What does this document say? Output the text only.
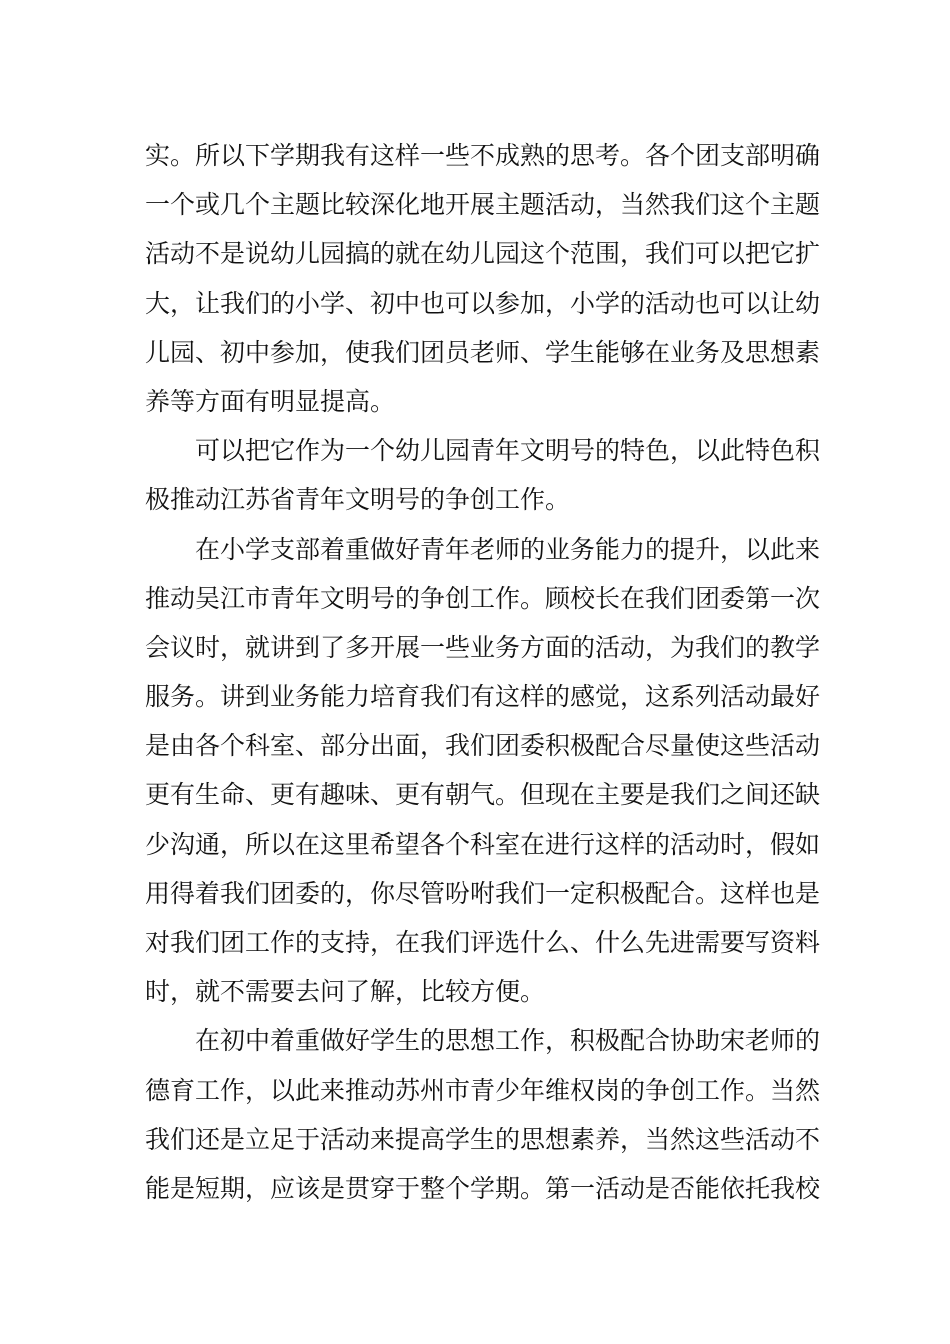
实。所以下学期我有这样一些不成熟的思考。各个团支部明确
一个或几个主题比较深化地开展主题活动，当然我们这个主题
活动不是说幼儿园搞的就在幼儿园这个范围，我们可以把它扩
大，让我们的小学、初中也可以参加，小学的活动也可以让幼
儿园、初中参加，使我们团员老师、学生能够在业务及思想素
养等方面有明显提高。
可以把它作为一个幼儿园青年文明号的特色，以此特色积
极推动江苏省青年文明号的争创工作。
在小学支部着重做好青年老师的业务能力的提升，以此来
推动吴江市青年文明号的争创工作。顾校长在我们团委第一次
会议时，就讲到了多开展一些业务方面的活动，为我们的教学
服务。讲到业务能力培育我们有这样的感觉，这系列活动最好
是由各个科室、部分出面，我们团委积极配合尽量使这些活动
更有生命、更有趣味、更有朝气。但现在主要是我们之间还缺
少沟通，所以在这里希望各个科室在进行这样的活动时，假如
用得着我们团委的，你尽管吩咐我们一定积极配合。这样也是
对我们团工作的支持，在我们评选什么、什么先进需要写资料
时，就不需要去问了解，比较方便。
在初中着重做好学生的思想工作，积极配合协助宋老师的
德育工作，以此来推动苏州市青少年维权岗的争创工作。当然
我们还是立足于活动来提高学生的思想素养，当然这些活动不
能是短期，应该是贯穿于整个学期。第一活动是否能依托我校
